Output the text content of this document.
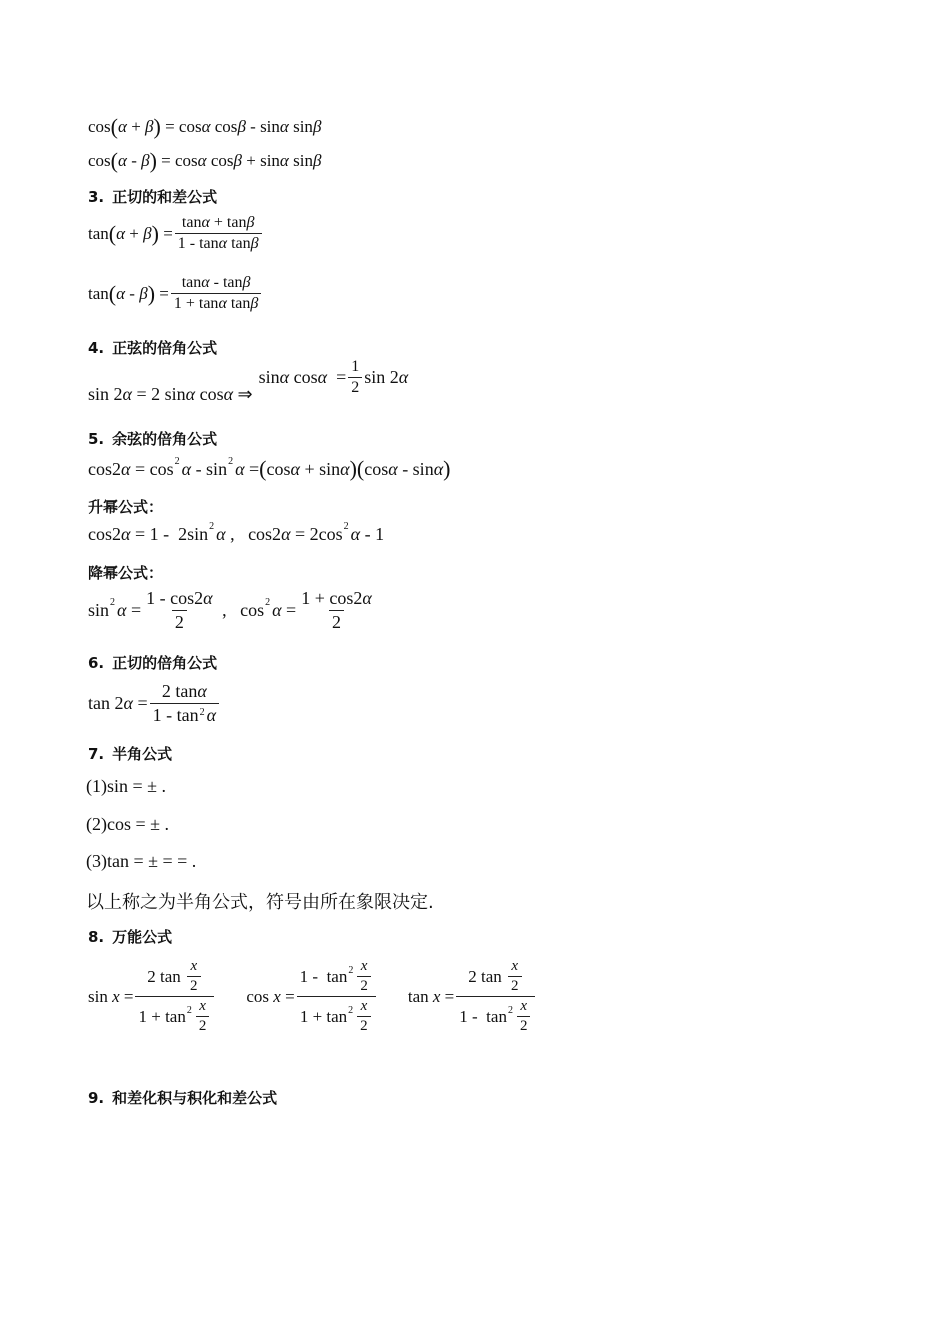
cos ( α + β ) = cos α cos β - sin α sin β
cos ( α - β ) = cos α cos β + sin α sin β
3. 正切的和差公式
tan ( α + β ) = $\frac{\tan\alpha + \tan\beta}{\text{1 - tanα tanβ}}$
tan ( α - β ) = $\frac{\tan\alpha - \tan\beta}{\text{1 + tanα tanβ}}$
4. 正弦的倍角公式
sin 2α = 2 sinα cosα ⇒
sin α $\cos \alpha = \frac{1}{2}$ sin 2 α
5. 余弦的倍角公式
cos2 α = cos 2 α - sin 2 α = ( cos α + sin α )( cos α - sin α )
升幂公式：
cos2 α = 1 -  2sin 2 α ,   cos2 α = 2cos 2 α - 1
降幂公式：
sin 2 $\alpha = \frac{1 - \cos 2\alpha}{2}$ ,   cos 2 $\alpha = \frac{1 + \cos 2\alpha}{2}$
6. 正切的倍角公式
tan 2 $\alpha = \frac{2 \tan\alpha}{1 - \tan^2 \alpha}$
7. 半角公式
(1)sin = ± .
(2)cos = ± .
(3)tan = ± = = .
以上称之为半角公式，符号由所在象限决定.
8. 万能公式
$\sin x = \frac{2 \tan \frac{x}{2}}{1 + \tan 2 \frac{x}{2}}$ $\cos x = \frac{1 - \tan 2 \frac{x}{2}}{1 + \tan 2 \frac{x}{2}}$ $\tan x = \frac{2 \tan \frac{x}{2}}{1 - \tan 2 \frac{x}{2}}$
9. 和差化积与积化和差公式
